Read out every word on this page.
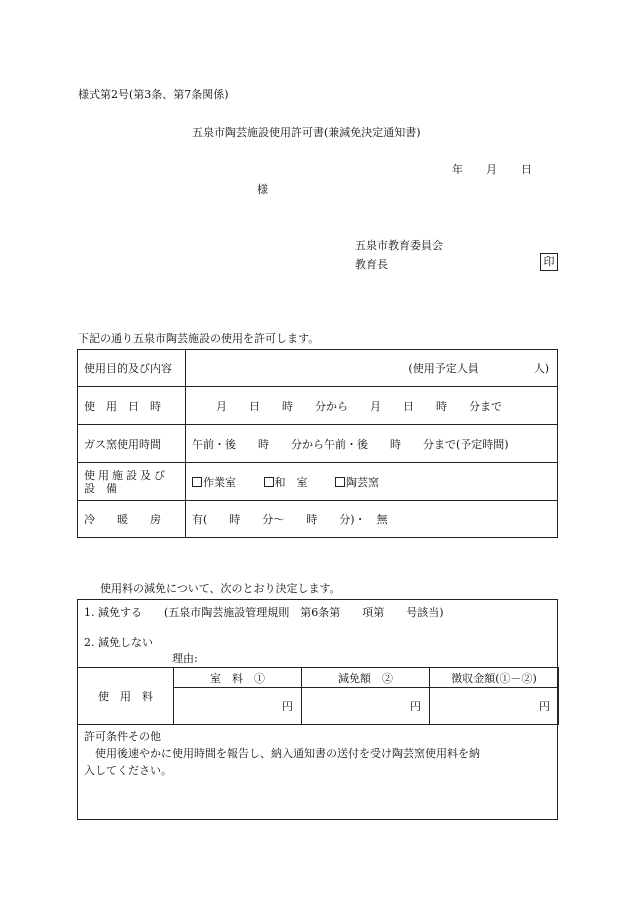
様式第2号(第3条、第7条関係)
五泉市陶芸施設使用許可書(兼減免決定通知書)
年 月 日
様
五泉市教育委員会
教育長	印
下記の通り五泉市陶芸施設の使用を許可します。
使用目的及び内容	(使用予定人員　　　　　人)
使　用　日　時	月　　日　　時　　分から　　月　　日　　時　　分まで
ガス窯使用時間	午前・後　　時　　分から午前・後　　時　　分まで(予定時間)

使用施設及び
設　備	作業室 和　室 陶芸窯
冷　　暖　　房	有(　　時　　分～　　時　　分)・　無
使用料の減免について、次のとおり決定します。
1. 減免する　　(五泉市陶芸施設管理規則　第6条第　　項第　　号該当)
2. 減免しない
理由:
使　用　料	室　料　①	減免額　②	徴収金額(①－②)
	円	円	円
許可条件その他
　使用後速やかに使用時間を報告し、納入通知書の送付を受け陶芸窯使用料を納
入してください。
